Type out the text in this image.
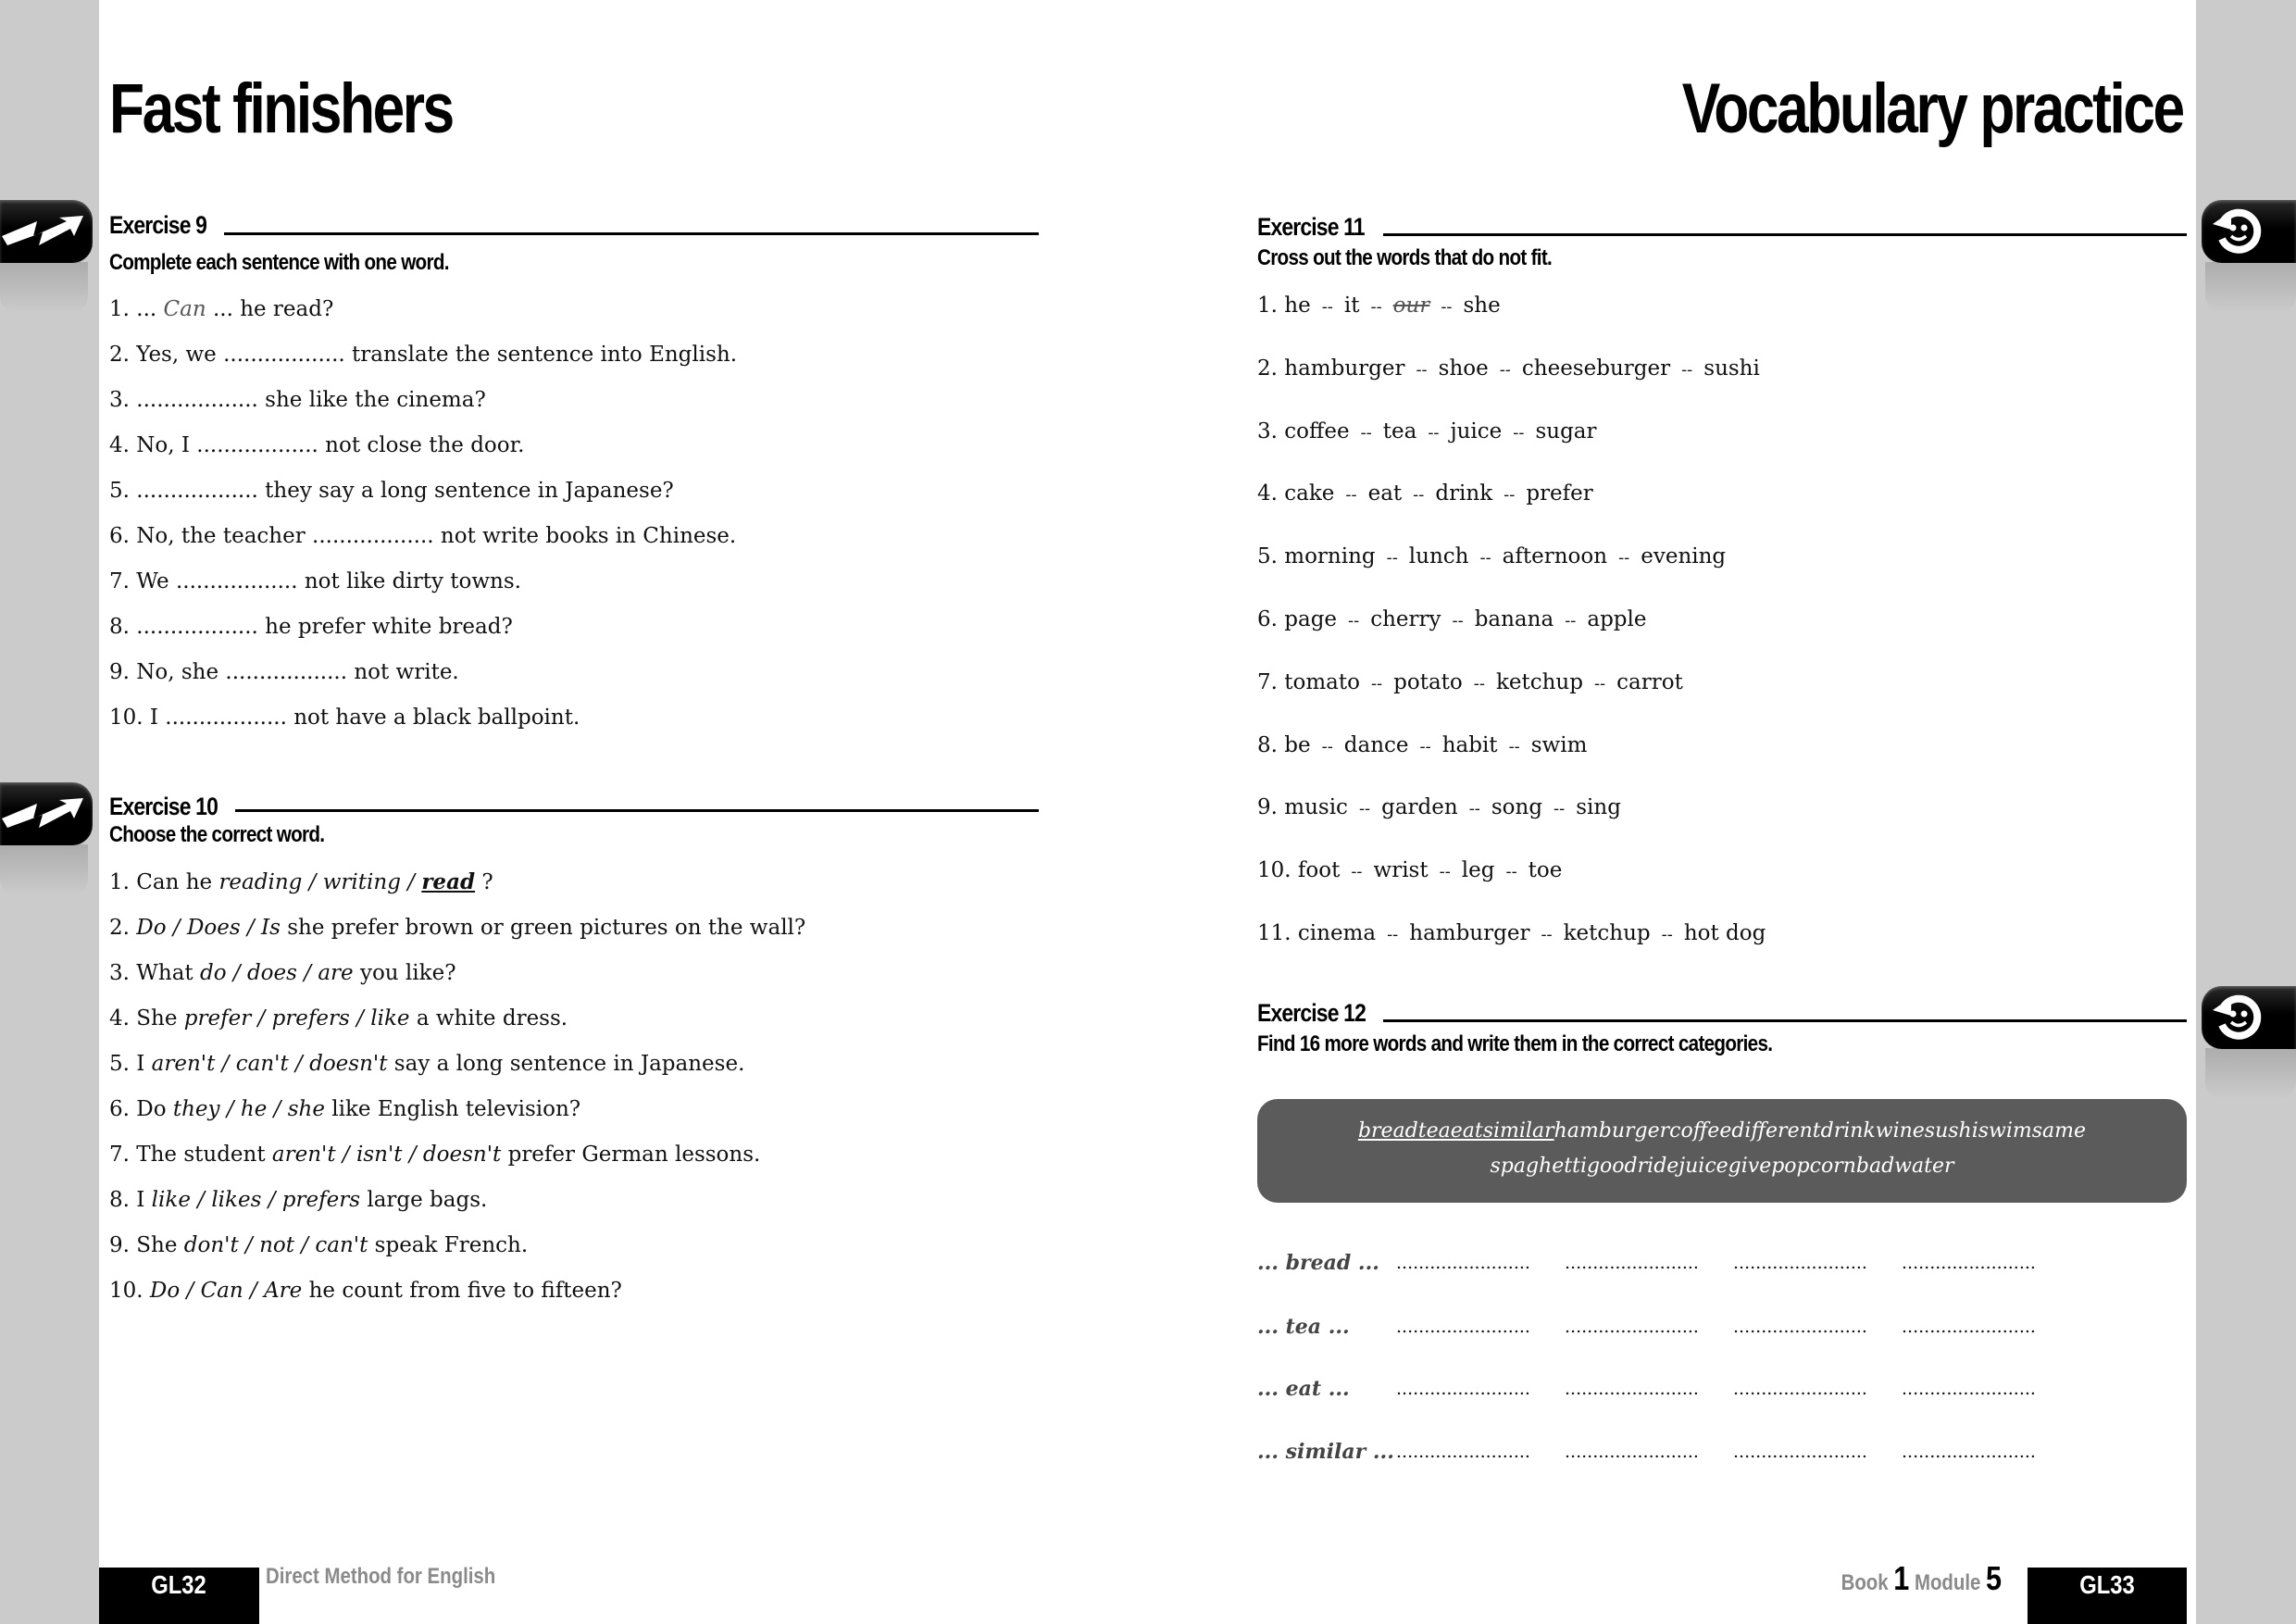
Fast finishers	Vocabulary practice
Exercise 9
Complete each sentence with one word.
1. ... Can ... he read?
2. Yes, we .................. translate the sentence into English.
3. .................. she like the cinema?
4. No, I .................. not close the door.
5. .................. they say a long sentence in Japanese?
6. No, the teacher .................. not write books in Chinese.
7. We .................. not like dirty towns.
8. .................. he prefer white bread?
9. No, she .................. not write.
10. I .................. not have a black ballpoint.
Exercise 10
Choose the correct word.
1. Can he reading / writing / read ?
2. Do / Does / Is she prefer brown or green pictures on the wall?
3. What do / does / are you like?
4. She prefer / prefers / like a white dress.
5. I aren't / can't / doesn't say a long sentence in Japanese.
6. Do they / he / she like English television?
7. The student aren't / isn't / doesn't prefer German lessons.
8. I like / likes / prefers large bags.
9. She don't / not / can't speak French.
10. Do / Can / Are he count from five to fifteen?
Exercise 11
Cross out the words that do not fit.
1. he -- it -- our -- she
2. hamburger -- shoe -- cheeseburger -- sushi
3. coffee -- tea -- juice -- sugar
4. cake -- eat -- drink -- prefer
5. morning -- lunch -- afternoon -- evening
6. page -- cherry -- banana -- apple
7. tomato -- potato -- ketchup -- carrot
8. be -- dance -- habit -- swim
9. music -- garden -- song -- sing
10. foot -- wrist -- leg -- toe
11. cinema -- hamburger -- ketchup -- hot dog
Exercise 12
Find 16 more words and write them in the correct categories.
breadteaeatsimilarhamburgercoffeedifferentdrinkwinesushiswimsame
spaghettigoodridejuicegivepopcornbadwater
... bread ... ........................ ........................ ........................ ........................
... tea ...	........................ ........................ ........................ ........................
... eat ...	........................ ........................ ........................ ........................
... similar ... ........................ ........................ ........................ ........................
GL32	Direct Method for English	Book 1 Module 5	GL33
